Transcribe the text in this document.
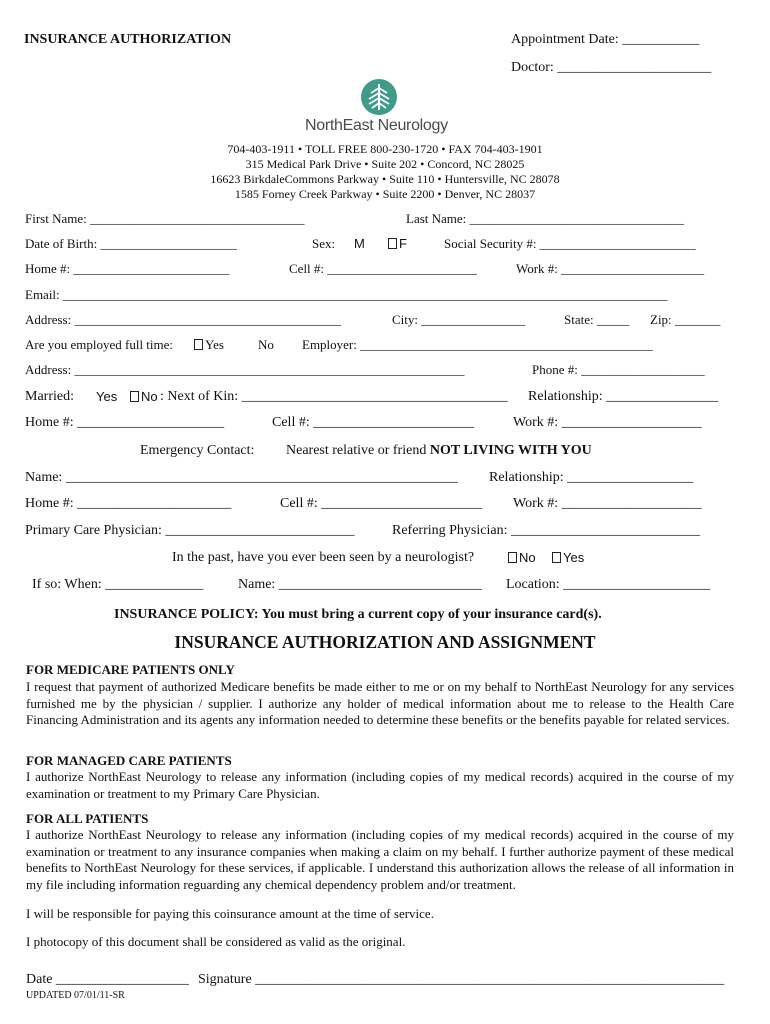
INSURANCE AUTHORIZATION	Appointment Date: ___________
Doctor: ______________________
NorthEast Neurology
704-403-1911 • TOLL FREE 800-230-1720 • FAX 704-403-1901
315 Medical Park Drive • Suite 202 • Concord, NC 28025
16623 BirkdaleCommons Parkway • Suite 110 • Huntersville, NC 28078
1585 Forney Creek Parkway • Suite 2200 • Denver, NC 28037
First Name: _________________________________	Last Name: _________________________________
Date of Birth: _____________________	Sex: M	F	Social Security #: ________________________
Home #: ________________________	Cell #: _______________________	Work #: ______________________
Email: _____________________________________________________________________________________________
Address: _________________________________________	City: ________________	State: _____ Zip: _______
Are you employed full time:	Yes	No Employer: _____________________________________________
Address: ____________________________________________________________	Phone #: ___________________
Married: Yes	No : Next of Kin: ______________________________________ Relationship: ________________
Home #: _____________________	Cell #: _______________________	Work #: ____________________
Emergency Contact: Nearest relative or friend NOT LIVING WITH YOU
Name: ________________________________________________________ Relationship: __________________
Home #: ______________________	Cell #: _______________________ Work #: ____________________
Primary Care Physician: ___________________________	Referring Physician: ___________________________
In the past, have you ever been seen by a neurologist?	No	Yes
If so: When: ______________ Name: _____________________________ Location: _____________________
INSURANCE POLICY: You must bring a current copy of your insurance card(s).
INSURANCE AUTHORIZATION AND ASSIGNMENT
FOR MEDICARE PATIENTS ONLY
I request that payment of authorized Medicare benefits be made either to me or on my behalf to NorthEast Neurology for any services furnished me by the physician / supplier. I authorize any holder of medical information about me to release to the Health Care Financing Administration and its agents any information needed to determine these benefits or the benefits payable for related services.
FOR MANAGED CARE PATIENTS
I authorize NorthEast Neurology to release any information (including copies of my medical records) acquired in the course of my examination or treatment to my Primary Care Physician.
FOR ALL PATIENTS
I authorize NorthEast Neurology to release any information (including copies of my medical records) acquired in the course of my examination or treatment to any insurance companies when making a claim on my behalf. I further authorize payment of these medical benefits to NorthEast Neurology for these services, if applicable. I understand this authorization allows the release of all information in my file including information reguarding any chemical dependency problem and/or treatment.
I will be responsible for paying this coinsurance amount at the time of service.
I photocopy of this document shall be considered as valid as the original.
Date ___________________ Signature ___________________________________________________________________
UPDATED 07/01/11-SR
